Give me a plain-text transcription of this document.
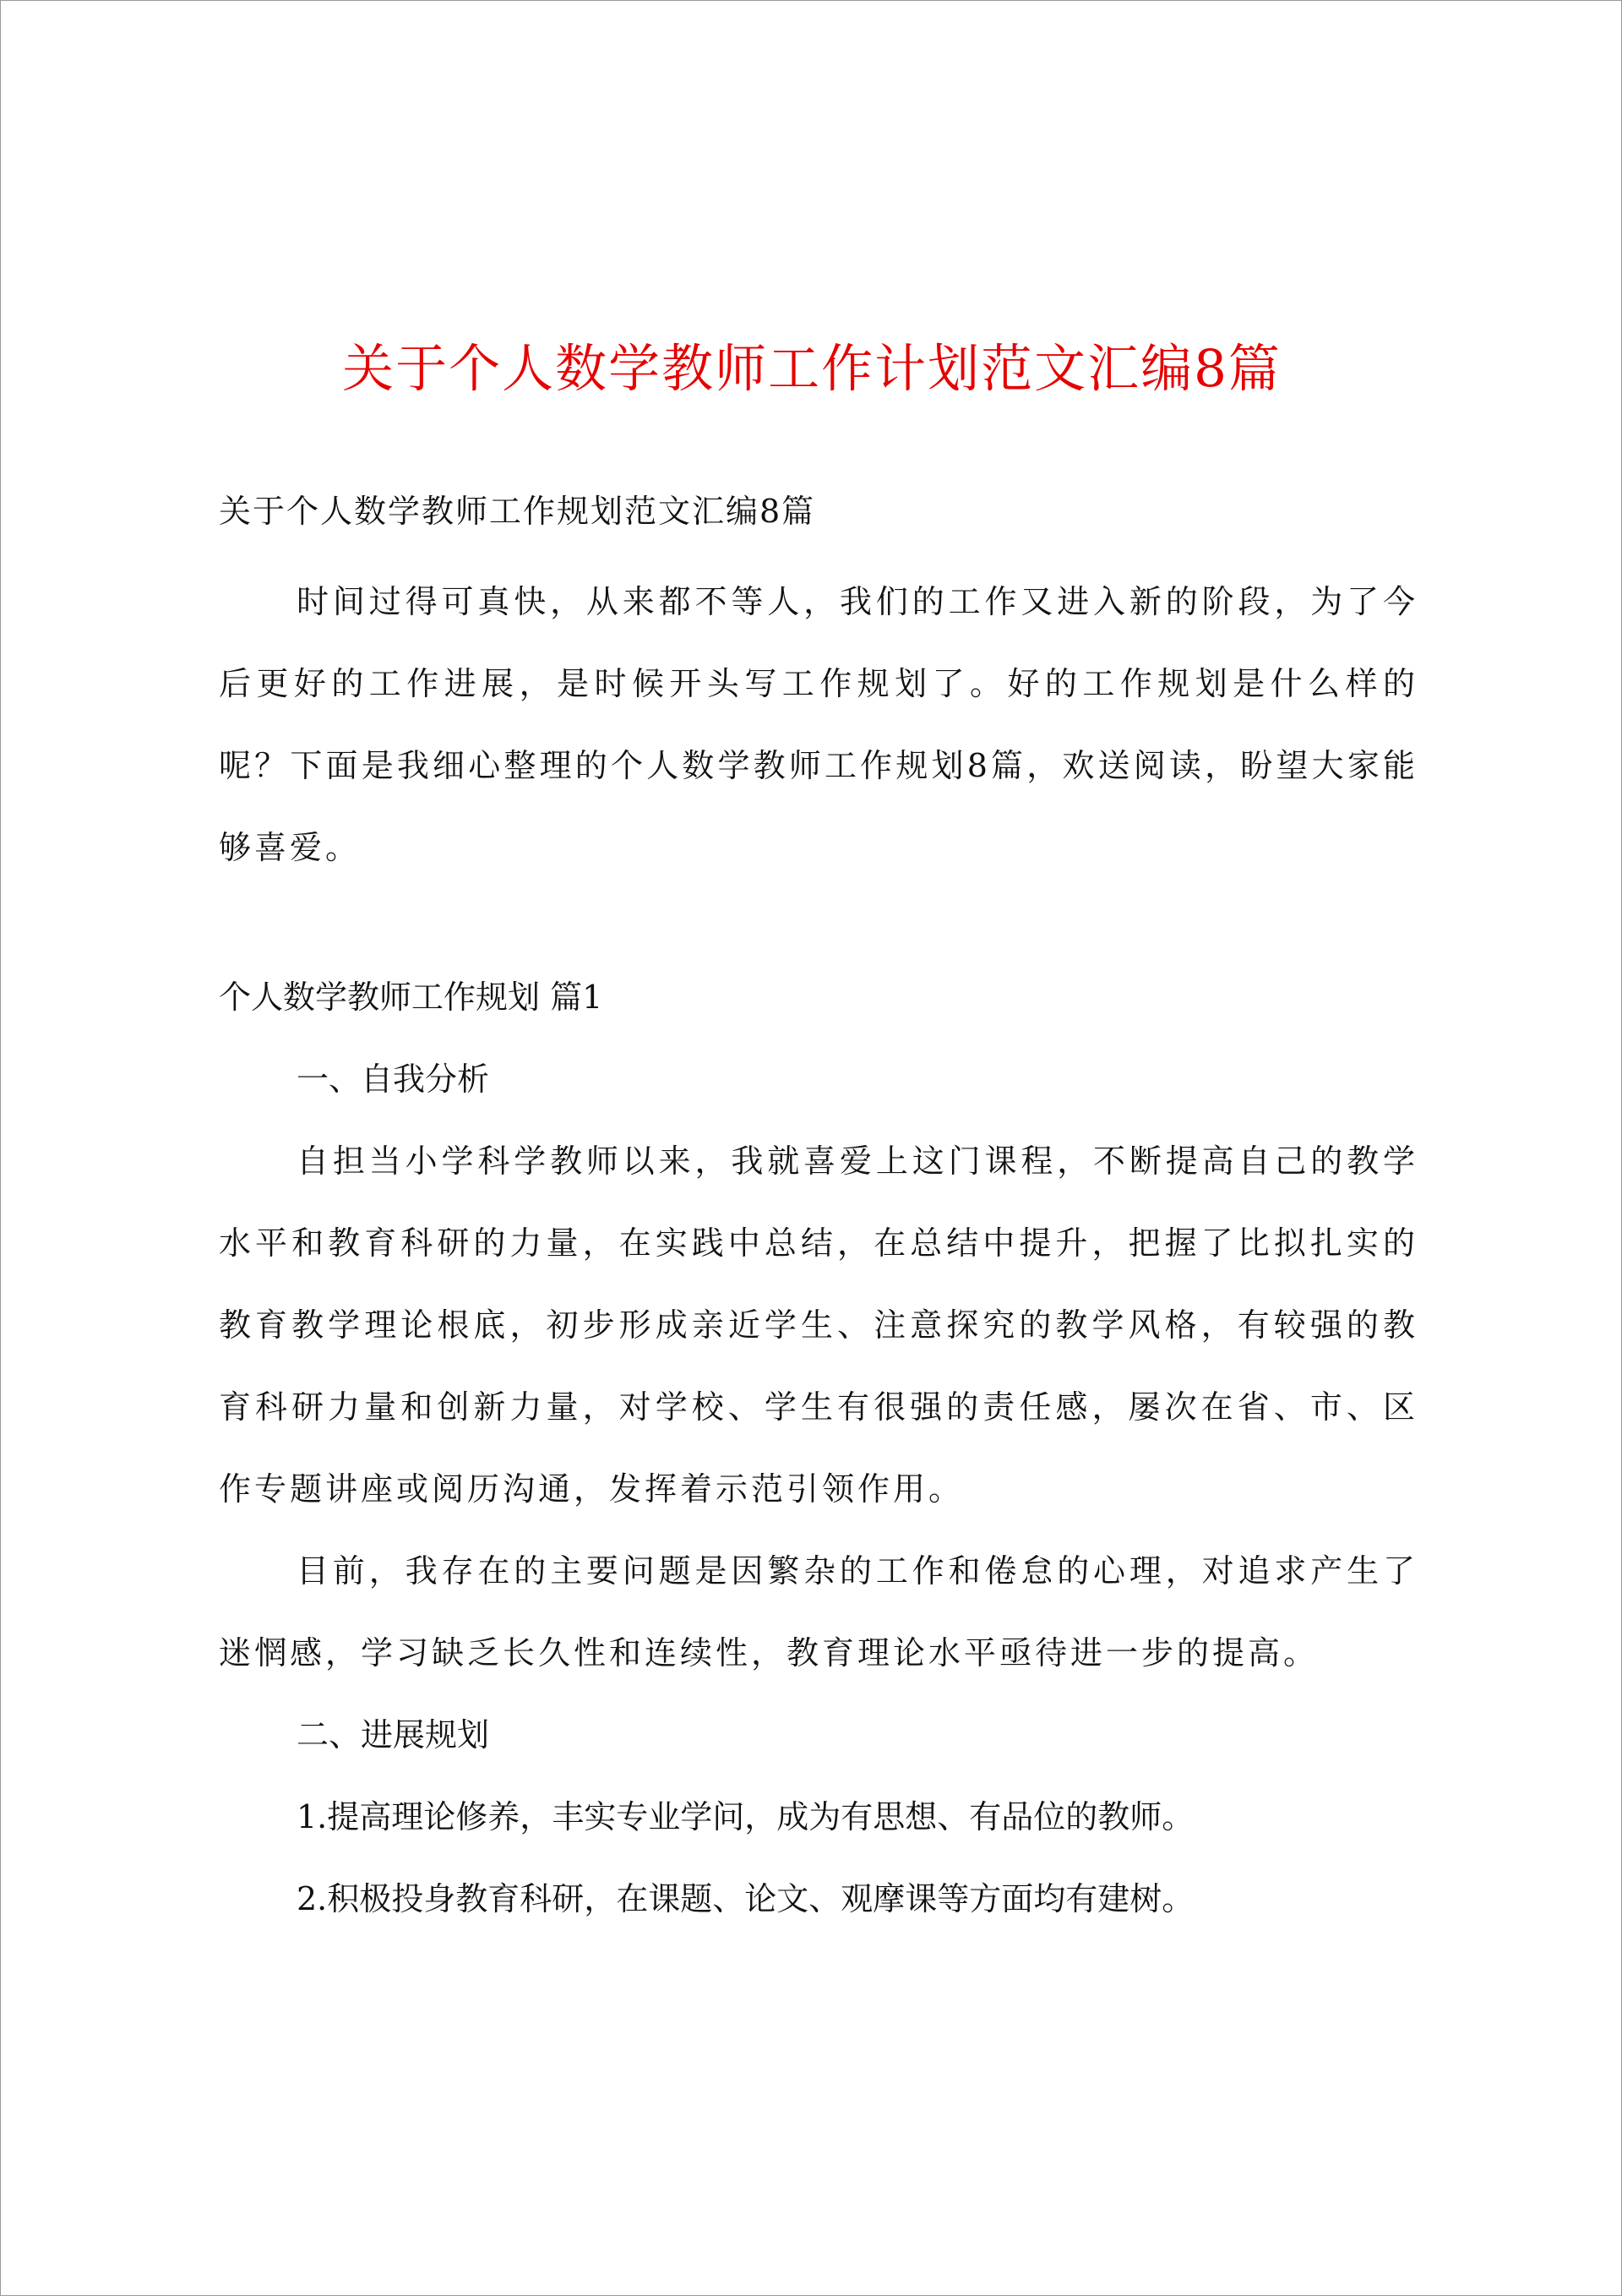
关于个人数学教师工作计划范文汇编8篇
关于个人数学教师工作规划范文汇编8篇

时间过得可真快，从来都不等人，我们的工作又进入新的阶段，为了今后更好的工作进展，是时候开头写工作规划了。好的工作规划是什么样的呢？下面是我细心整理的个人数学教师工作规划8篇，欢送阅读，盼望大家能够喜爱。

个人数学教师工作规划 篇1
一、自我分析

自担当小学科学教师以来，我就喜爱上这门课程，不断提高自己的教学水平和教育科研的力量，在实践中总结，在总结中提升，把握了比拟扎实的教育教学理论根底，初步形成亲近学生、注意探究的教学风格，有较强的教育科研力量和创新力量，对学校、学生有很强的责任感，屡次在省、市、区作专题讲座或阅历沟通，发挥着示范引领作用。

目前，我存在的主要问题是因繁杂的工作和倦怠的心理，对追求产生了迷惘感，学习缺乏长久性和连续性，教育理论水平亟待进一步的提高。

二、进展规划
1.提高理论修养，丰实专业学问，成为有思想、有品位的教师。
2.积极投身教育科研，在课题、论文、观摩课等方面均有建树。
